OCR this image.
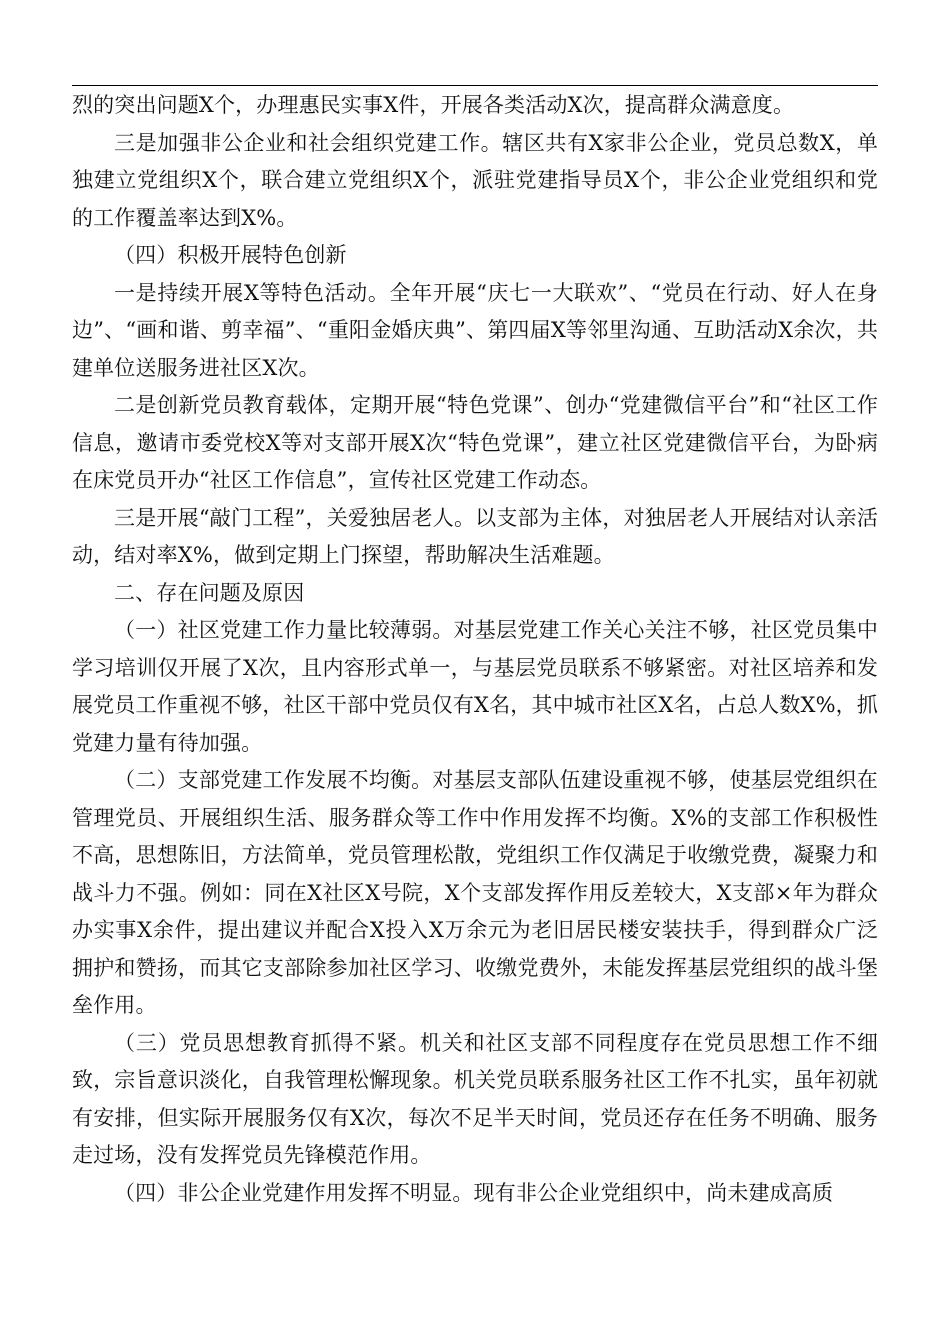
烈的突出问题X个，办理惠民实事X件，开展各类活动X次，提高群众满意度。

三是加强非公企业和社会组织党建工作。辖区共有X家非公企业，党员总数X，单独建立党组织X个，联合建立党组织X个，派驻党建指导员X个，非公企业党组织和党的工作覆盖率达到X%。

（四）积极开展特色创新

一是持续开展X等特色活动。全年开展“庆七一大联欢”、“党员在行动、好人在身边”、“画和谐、剪幸福”、“重阳金婚庆典”、第四届X等邻里沟通、互助活动X余次，共建单位送服务进社区X次。

二是创新党员教育载体，定期开展“特色党课”、创办“党建微信平台”和“社区工作信息，邀请市委党校X等对支部开展X次“特色党课”，建立社区党建微信平台，为卧病在床党员开办“社区工作信息”，宣传社区党建工作动态。

三是开展“敲门工程”，关爱独居老人。以支部为主体，对独居老人开展结对认亲活动，结对率X%，做到定期上门探望，帮助解决生活难题。

二、存在问题及原因

（一）社区党建工作力量比较薄弱。对基层党建工作关心关注不够，社区党员集中学习培训仅开展了X次，且内容形式单一，与基层党员联系不够紧密。对社区培养和发展党员工作重视不够，社区干部中党员仅有X名，其中城市社区X名，占总人数X%，抓党建力量有待加强。

（二）支部党建工作发展不均衡。对基层支部队伍建设重视不够，使基层党组织在管理党员、开展组织生活、服务群众等工作中作用发挥不均衡。X%的支部工作积极性不高，思想陈旧，方法简单，党员管理松散，党组织工作仅满足于收缴党费，凝聚力和战斗力不强。例如：同在X社区X号院，X个支部发挥作用反差较大，X支部×年为群众办实事X余件，提出建议并配合X投入X万余元为老旧居民楼安装扶手，得到群众广泛拥护和赞扬，而其它支部除参加社区学习、收缴党费外，未能发挥基层党组织的战斗堡垒作用。

（三）党员思想教育抓得不紧。机关和社区支部不同程度存在党员思想工作不细致，宗旨意识淡化，自我管理松懈现象。机关党员联系服务社区工作不扎实，虽年初就有安排，但实际开展服务仅有X次，每次不足半天时间，党员还存在任务不明确、服务走过场，没有发挥党员先锋模范作用。

（四）非公企业党建作用发挥不明显。现有非公企业党组织中，尚未建成高质
